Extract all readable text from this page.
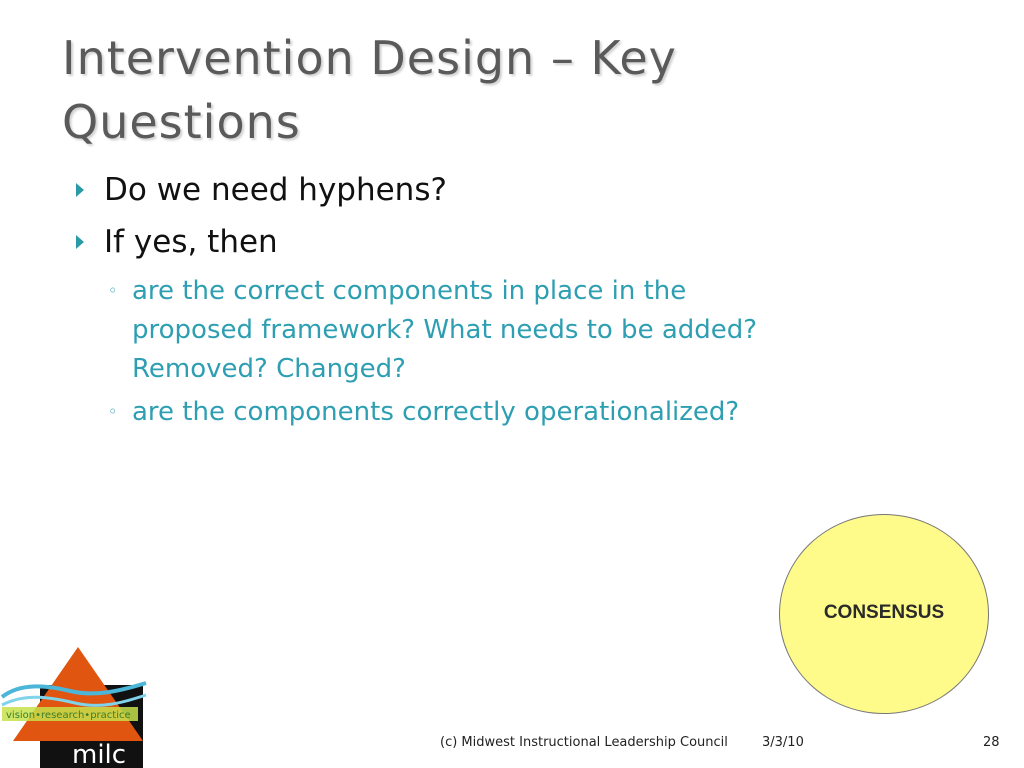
Intervention Design – Key
Questions
Do we need hyphens?
If yes, then
◦ are the correct components in place in the
proposed framework? What needs to be added?
Removed? Changed?
◦ are the components correctly operationalized?
CONSENSUS
vision•research•practice
milc	(c) Midwest Instructional Leadership Council	3/3/10	28
